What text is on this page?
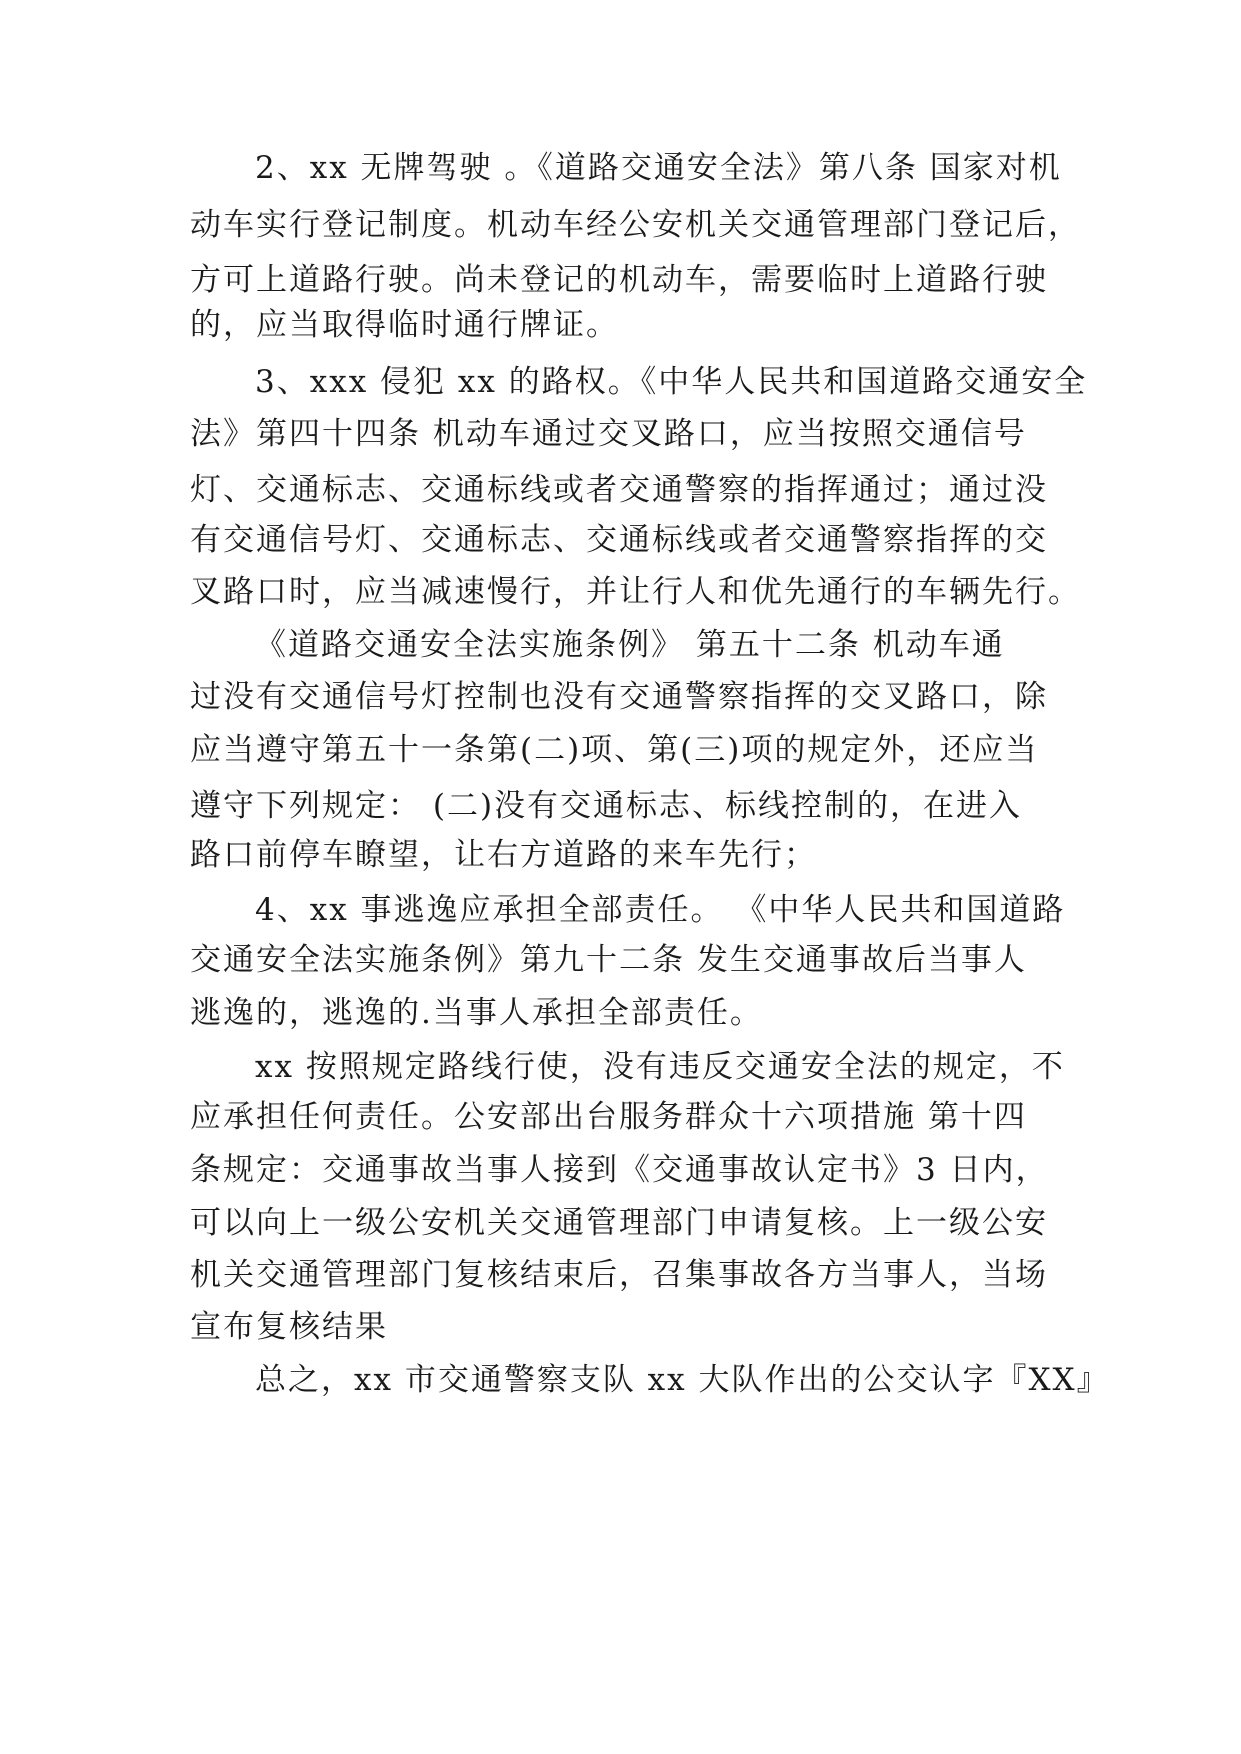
2、xx 无牌驾驶 。《道路交通安全法》第八条 国家对机
动车实行登记制度。机动车经公安机关交通管理部门登记后，
方可上道路行驶。尚未登记的机动车，需要临时上道路行驶
的，应当取得临时通行牌证。
3、xxx 侵犯 xx 的路权。《中华人民共和国道路交通安全
法》第四十四条 机动车通过交叉路口，应当按照交通信号
灯、交通标志、交通标线或者交通警察的指挥通过；通过没
有交通信号灯、交通标志、交通标线或者交通警察指挥的交
叉路口时，应当减速慢行，并让行人和优先通行的车辆先行。
《道路交通安全法实施条例》 第五十二条 机动车通
过没有交通信号灯控制也没有交通警察指挥的交叉路口，除
应当遵守第五十一条第(二)项、第(三)项的规定外，还应当
遵守下列规定： (二)没有交通标志、标线控制的，在进入
路口前停车瞭望，让右方道路的来车先行；
4、xx 事逃逸应承担全部责任。 《中华人民共和国道路
交通安全法实施条例》第九十二条 发生交通事故后当事人
逃逸的，逃逸的.当事人承担全部责任。
xx 按照规定路线行使，没有违反交通安全法的规定，不
应承担任何责任。公安部出台服务群众十六项措施 第十四
条规定：交通事故当事人接到《交通事故认定书》3 日内，
可以向上一级公安机关交通管理部门申请复核。上一级公安
机关交通管理部门复核结束后，召集事故各方当事人，当场
宣布复核结果
总之，xx 市交通警察支队 xx 大队作出的公交认字『XX』
